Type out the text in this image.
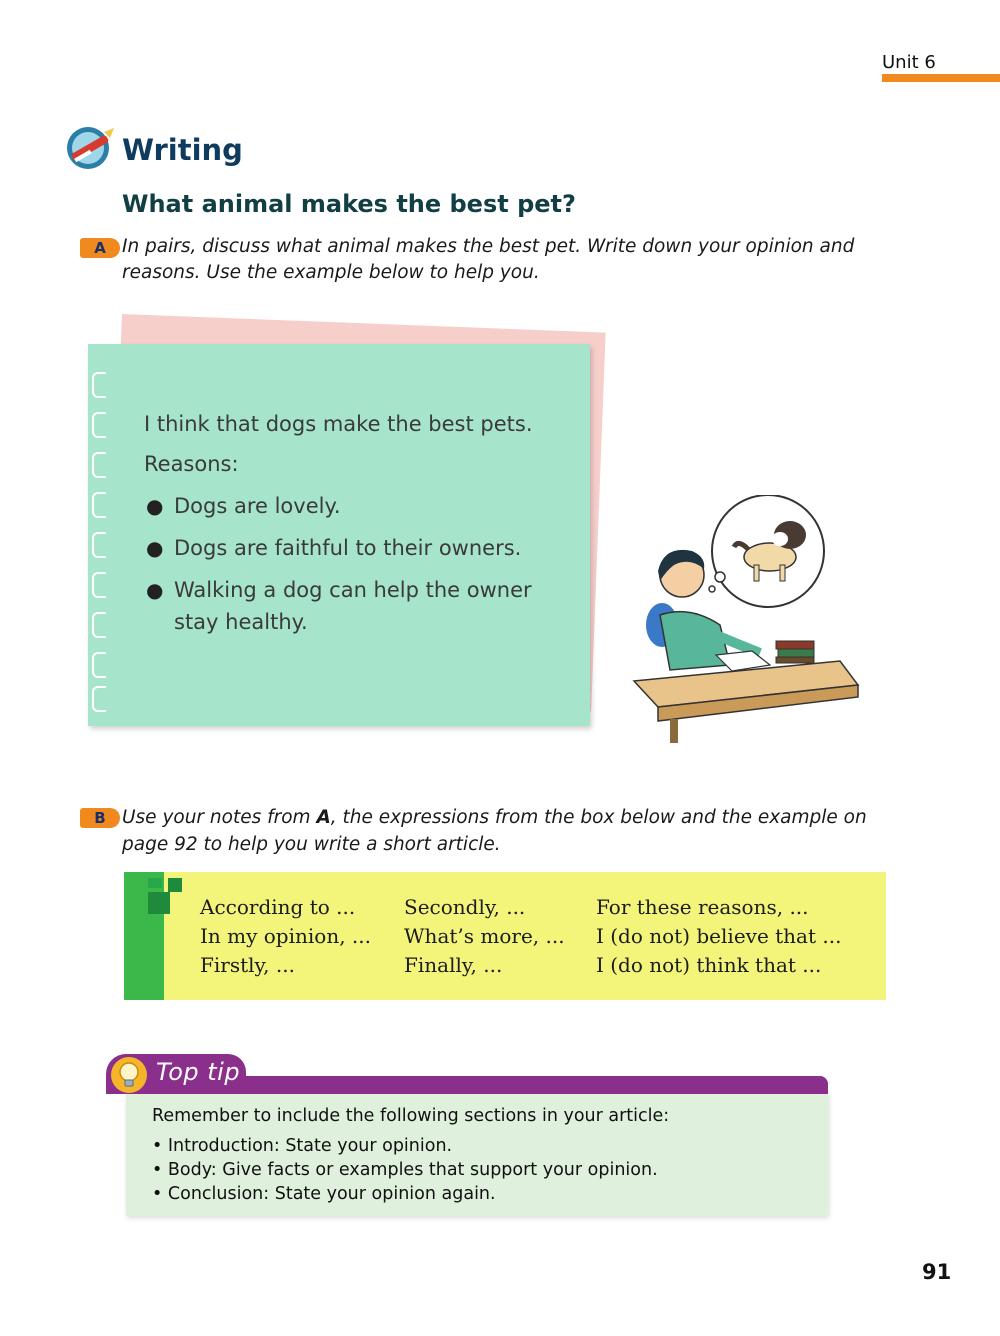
Unit 6
Writing
What animal makes the best pet?
A In pairs, discuss what animal makes the best pet. Write down your opinion and
reasons. Use the example below to help you.
I think that dogs make the best pets.
Reasons:
● Dogs are lovely.
● Dogs are faithful to their owners.
● Walking a dog can help the owner
stay healthy.
B Use your notes from A, the expressions from the box below and the example on
page 92 to help you write a short article.
According to ...
In my opinion, ...
Firstly, ...
Secondly, ...
What’s more, ...
Finally, ...
For these reasons, ...
I (do not) believe that ...
I (do not) think that ...
Top tip
Remember to include the following sections in your article:
• Introduction: State your opinion.
• Body: Give facts or examples that support your opinion.
• Conclusion: State your opinion again.
91
